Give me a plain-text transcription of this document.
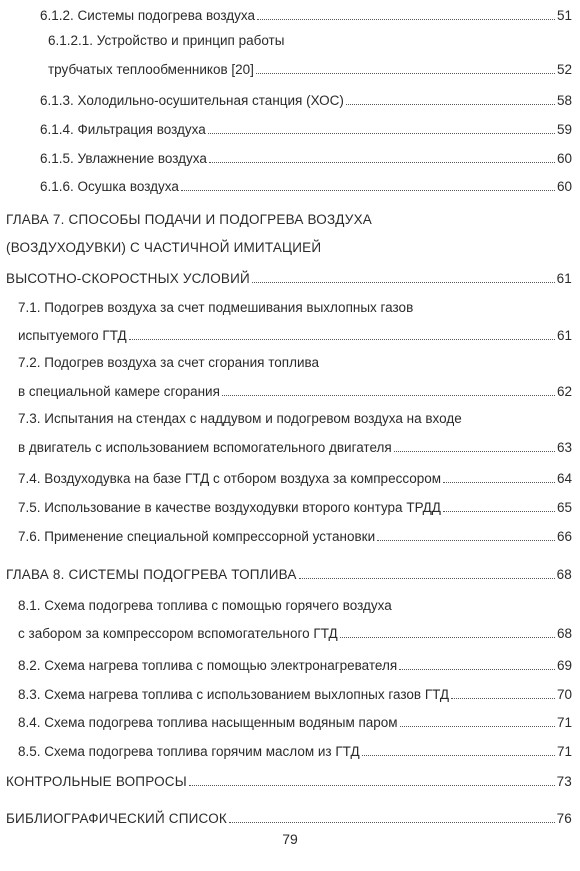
6.1.2. Системы подогрева воздуха	51
6.1.2.1. Устройство и принцип работы
трубчатых теплообменников [20]	52
6.1.3. Холодильно-осушительная станция (ХОС)	58
6.1.4. Фильтрация воздуха	59
6.1.5. Увлажнение воздуха	60
6.1.6. Осушка воздуха	60
ГЛАВА 7. СПОСОБЫ ПОДАЧИ И ПОДОГРЕВА ВОЗДУХА
(ВОЗДУХОДУВКИ) С ЧАСТИЧНОЙ ИМИТАЦИЕЙ
ВЫСОТНО-СКОРОСТНЫХ УСЛОВИЙ	61
7.1. Подогрев воздуха за счет подмешивания выхлопных газов
испытуемого ГТД	61
7.2. Подогрев воздуха за счет сгорания топлива
в специальной камере сгорания	62
7.3. Испытания на стендах с наддувом и подогревом воздуха на входе
в двигатель с использованием вспомогательного двигателя	63
7.4. Воздуходувка на базе ГТД с отбором воздуха за компрессором	64
7.5. Использование в качестве воздуходувки второго контура ТРДД	65
7.6. Применение специальной компрессорной установки	66
ГЛАВА 8. СИСТЕМЫ ПОДОГРЕВА ТОПЛИВА	68
8.1. Схема подогрева топлива с помощью горячего воздуха
с забором за компрессором вспомогательного ГТД	68
8.2. Схема нагрева топлива с помощью электронагревателя	69
8.3. Схема нагрева топлива с использованием выхлопных газов ГТД	70
8.4. Схема подогрева топлива насыщенным водяным паром	71
8.5. Схема подогрева топлива горячим маслом из ГТД	71
КОНТРОЛЬНЫЕ ВОПРОСЫ	73
БИБЛИОГРАФИЧЕСКИЙ СПИСОК	76
79
